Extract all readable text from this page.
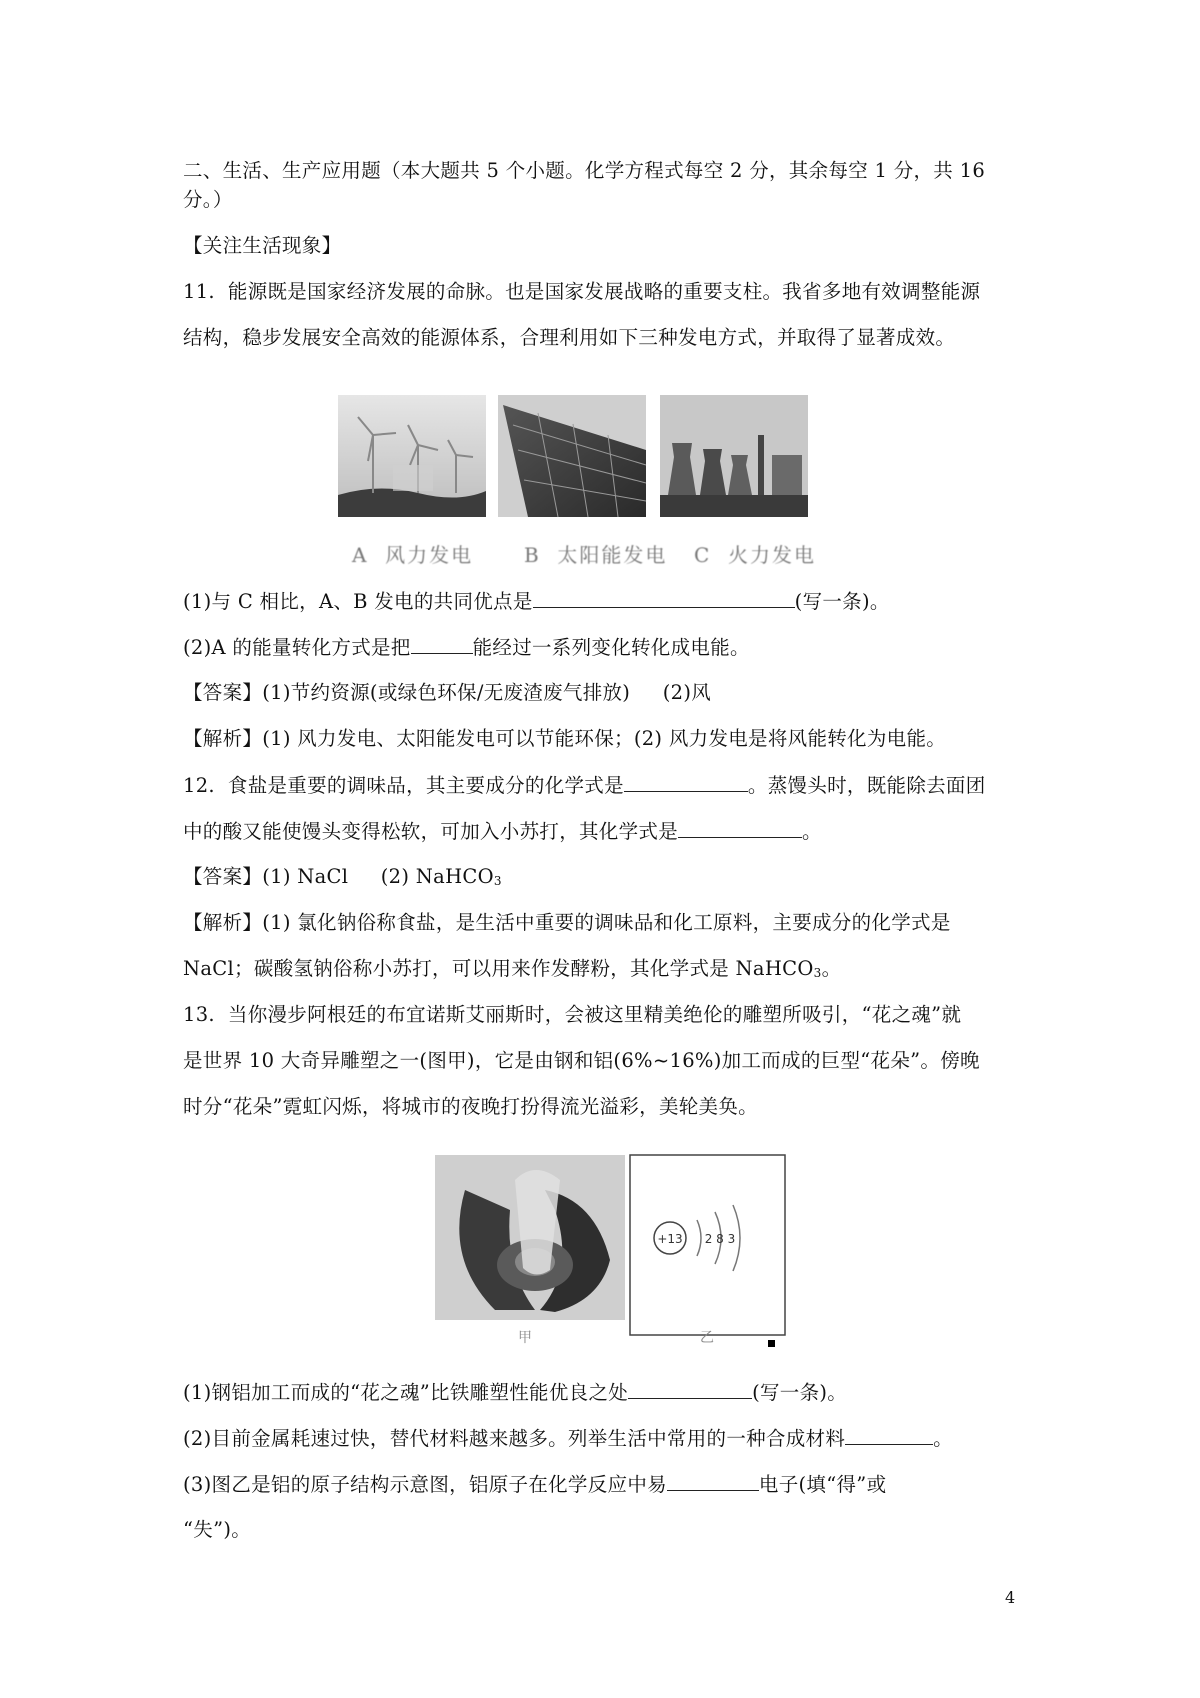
二、生活、生产应用题（本大题共 5 个小题。化学方程式每空 2 分，其余每空 1 分，共 16
分。）
【关注生活现象】
11.  能源既是国家经济发展的命脉。也是国家发展战略的重要支柱。我省多地有效调整能源
结构，稳步发展安全高效的能源体系，合理利用如下三种发电方式，并取得了显著成效。
A  风力发电	B  太阳能发电 C  火力发电
(1)与 C 相比，A、B 发电的共同优点是	(写一条)。
(2)A 的能量转化方式是把	能经过一系列变化转化成电能。
【答案】(1)节约资源(或绿色环保/无废渣废气排放)     (2)风
【解析】(1) 风力发电、太阳能发电可以节能环保；(2) 风力发电是将风能转化为电能。
12.  食盐是重要的调味品，其主要成分的化学式是	。蒸馒头时，既能除去面团
中的酸又能使馒头变得松软，可加入小苏打，其化学式是	。
【答案】(1) NaCl     (2) NaHCO$_3$
【解析】(1) 氯化钠俗称食盐，是生活中重要的调味品和化工原料，主要成分的化学式是
NaCl；碳酸氢钠俗称小苏打，可以用来作发酵粉，其化学式是 NaHCO$_3$。
13.  当你漫步阿根廷的布宜诺斯艾丽斯时，会被这里精美绝伦的雕塑所吸引，“花之魂”就
是世界 10 大奇异雕塑之一(图甲)，它是由钢和铝(6%~16%)加工而成的巨型“花朵”。傍晚
时分“花朵”霓虹闪烁，将城市的夜晚打扮得流光溢彩，美轮美奂。
+13 2 8 3
甲	乙
(1)钢铝加工而成的“花之魂”比铁雕塑性能优良之处	(写一条)。
(2)目前金属耗速过快，替代材料越来越多。列举生活中常用的一种合成材料	。
(3)图乙是铝的原子结构示意图，铝原子在化学反应中易	电子(填“得”或
“失”)。
4
